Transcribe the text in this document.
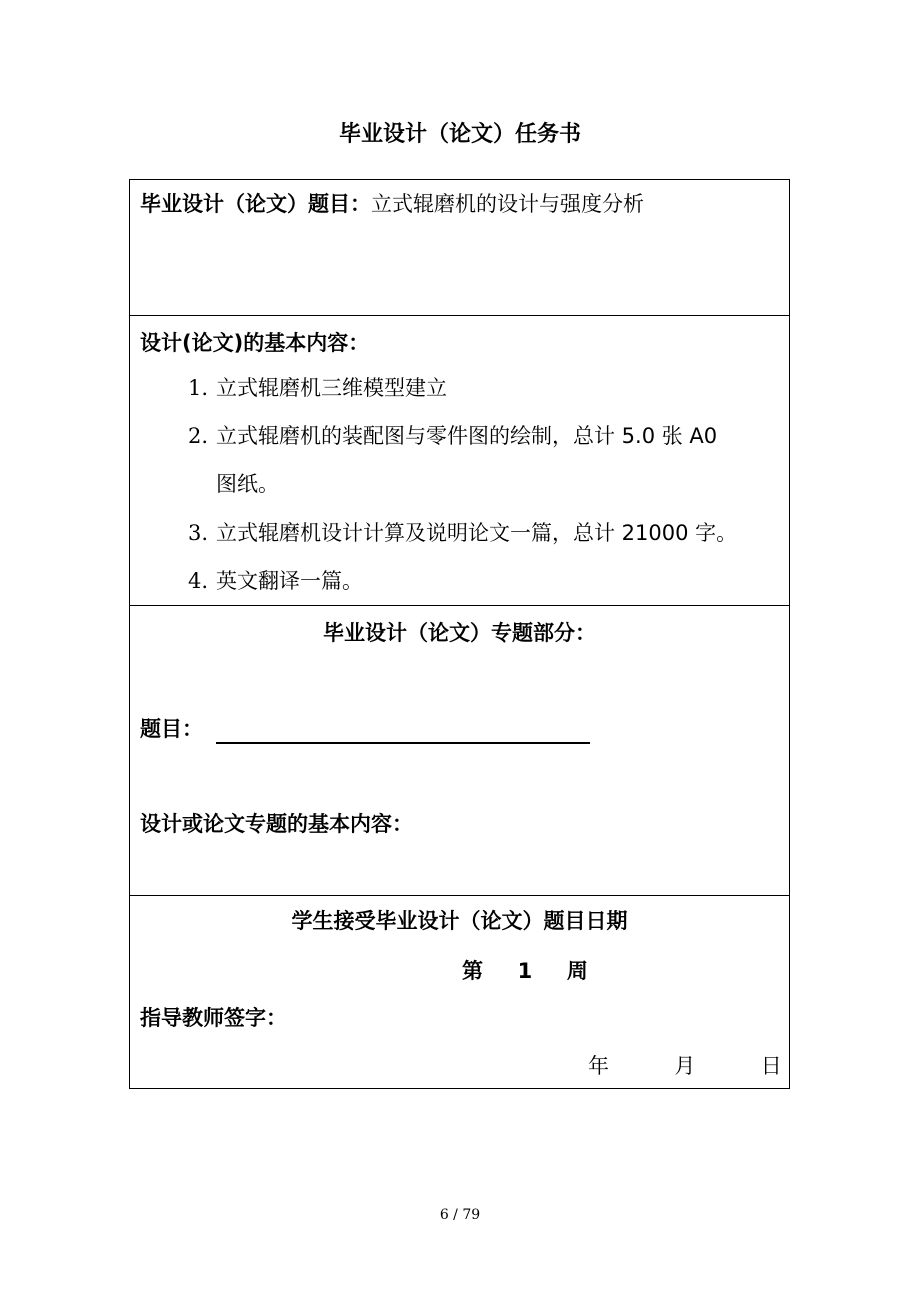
毕业设计（论文）任务书
毕业设计（论文）题目：立式辊磨机的设计与强度分析
设计(论文)的基本内容：
1. 立式辊磨机三维模型建立
2. 立式辊磨机的装配图与零件图的绘制，总计 5.0 张 A0
图纸。
3. 立式辊磨机设计计算及说明论文一篇，总计 21000 字。
4. 英文翻译一篇。
毕业设计（论文）专题部分：
题目：
设计或论文专题的基本内容：
学生接受毕业设计（论文）题目日期
第 1 周
指导教师签字：
年	月	日
6 / 79
